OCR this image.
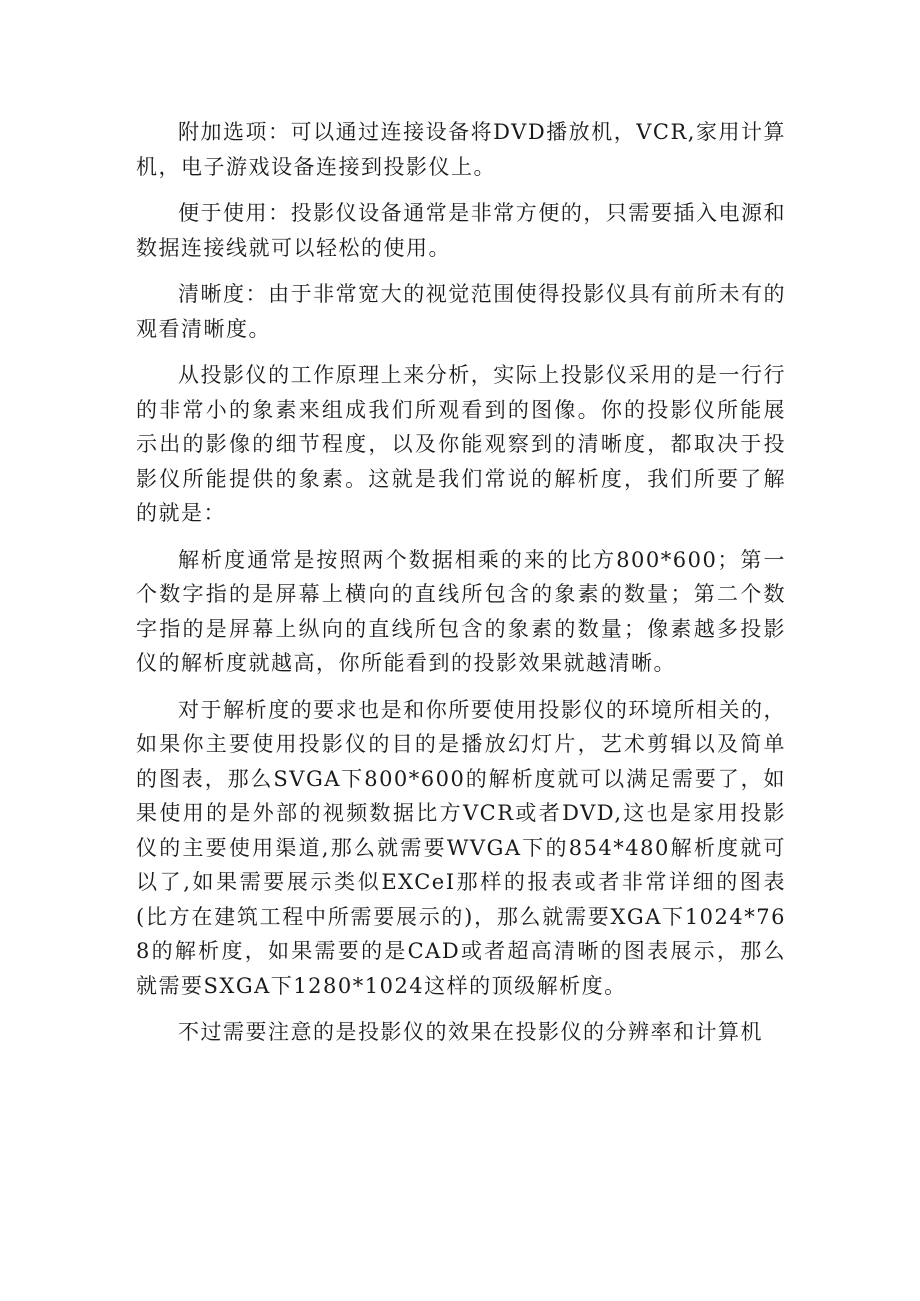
附加选项：可以通过连接设备将DVD播放机，VCR,家用计算机，电子游戏设备连接到投影仪上。

便于使用：投影仪设备通常是非常方便的，只需要插入电源和数据连接线就可以轻松的使用。

清晰度：由于非常宽大的视觉范围使得投影仪具有前所未有的观看清晰度。

从投影仪的工作原理上来分析，实际上投影仪采用的是一行行的非常小的象素来组成我们所观看到的图像。你的投影仪所能展示出的影像的细节程度，以及你能观察到的清晰度，都取决于投影仪所能提供的象素。这就是我们常说的解析度，我们所要了解的就是：

解析度通常是按照两个数据相乘的来的比方800*600；第一个数字指的是屏幕上横向的直线所包含的象素的数量；第二个数字指的是屏幕上纵向的直线所包含的象素的数量；像素越多投影仪的解析度就越高，你所能看到的投影效果就越清晰。

对于解析度的要求也是和你所要使用投影仪的环境所相关的，如果你主要使用投影仪的目的是播放幻灯片，艺术剪辑以及简单的图表，那么SVGA下800*600的解析度就可以满足需要了，如果使用的是外部的视频数据比方VCR或者DVD,这也是家用投影仪的主要使用渠道,那么就需要WVGA下的854*480解析度就可以了,如果需要展示类似EXCeI那样的报表或者非常详细的图表(比方在建筑工程中所需要展示的)，那么就需要XGA下1024*768的解析度，如果需要的是CAD或者超高清晰的图表展示，那么就需要SXGA下1280*1024这样的顶级解析度。

不过需要注意的是投影仪的效果在投影仪的分辨率和计算机
